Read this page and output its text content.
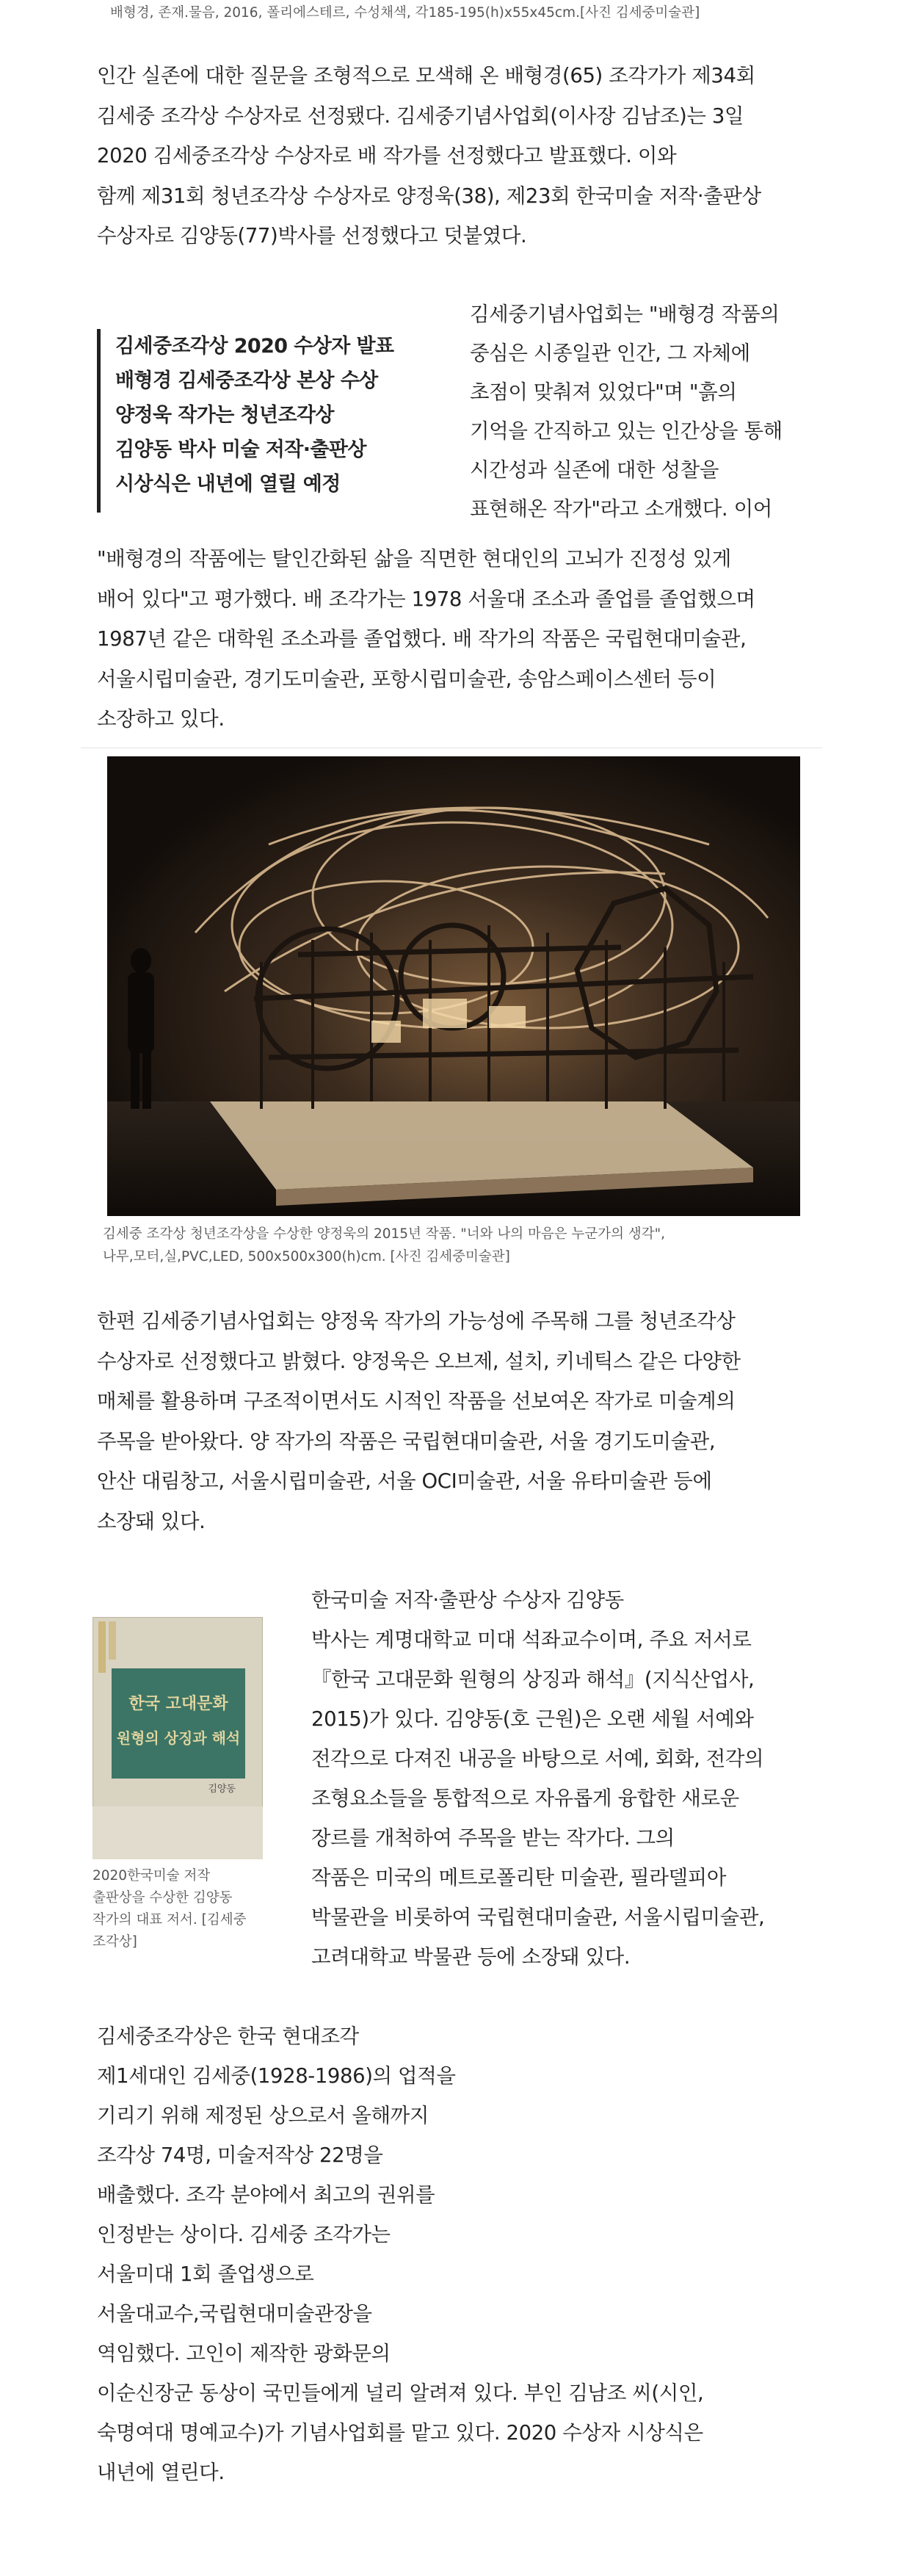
배형경, 존재.물음, 2016, 폴리에스테르, 수성채색, 각185-195(h)x55x45cm.[사진 김세중미술관]
인간 실존에 대한 질문을 조형적으로 모색해 온 배형경(65) 조각가가 제34회
김세중 조각상 수상자로 선정됐다. 김세중기념사업회(이사장 김남조)는 3일
2020 김세중조각상 수상자로 배 작가를 선정했다고 발표했다. 이와
함께 제31회 청년조각상 수상자로 양정욱(38), 제23회 한국미술 저작·출판상
수상자로 김양동(77)박사를 선정했다고 덧붙였다.
김세중조각상 2020 수상자 발표
배형경 김세중조각상 본상 수상
양정욱 작가는 청년조각상
김양동 박사 미술 저작·출판상
시상식은 내년에 열릴 예정
김세중기념사업회는 "배형경 작품의
중심은 시종일관 인간, 그 자체에
초점이 맞춰져 있었다"며 "흙의
기억을 간직하고 있는 인간상을 통해
시간성과 실존에 대한 성찰을
표현해온 작가"라고 소개했다. 이어
"배형경의 작품에는 탈인간화된 삶을 직면한 현대인의 고뇌가 진정성 있게
배어 있다"고 평가했다. 배 조각가는 1978 서울대 조소과 졸업를 졸업했으며
1987년 같은 대학원 조소과를 졸업했다. 배 작가의 작품은 국립현대미술관,
서울시립미술관, 경기도미술관, 포항시립미술관, 송암스페이스센터 등이
소장하고 있다.
김세중 조각상 청년조각상을 수상한 양정욱의 2015년 작품. "너와 나의 마음은 누군가의 생각",
나무,모터,실,PVC,LED, 500x500x300(h)cm. [사진 김세중미술관]
한편 김세중기념사업회는 양정욱 작가의 가능성에 주목해 그를 청년조각상
수상자로 선정했다고 밝혔다. 양정욱은 오브제, 설치, 키네틱스 같은 다양한
매체를 활용하며 구조적이면서도 시적인 작품을 선보여온 작가로 미술계의
주목을 받아왔다. 양 작가의 작품은 국립현대미술관, 서울 경기도미술관,
안산 대림창고, 서울시립미술관, 서울 OCI미술관, 서울 유타미술관 등에
소장돼 있다.
한국 고대문화
원형의 상징과 해석
김양동
2020한국미술 저작
출판상을 수상한 김양동
작가의 대표 저서. [김세중
조각상]
한국미술 저작·출판상 수상자 김양동
박사는 계명대학교 미대 석좌교수이며, 주요 저서로
『한국 고대문화 원형의 상징과 해석』(지식산업사,
2015)가 있다. 김양동(호 근원)은 오랜 세월 서예와
전각으로 다져진 내공을 바탕으로 서예, 회화, 전각의
조형요소들을 통합적으로 자유롭게 융합한 새로운
장르를 개척하여 주목을 받는 작가다. 그의
작품은 미국의 메트로폴리탄 미술관, 필라델피아
박물관을 비롯하여 국립현대미술관, 서울시립미술관,
고려대학교 박물관 등에 소장돼 있다.
김세중조각상은 한국 현대조각
제1세대인 김세중(1928-1986)의 업적을
기리기 위해 제정된 상으로서 올해까지
조각상 74명, 미술저작상 22명을
배출했다. 조각 분야에서 최고의 권위를
인정받는 상이다. 김세중 조각가는
서울미대 1회 졸업생으로
서울대교수,국립현대미술관장을
역임했다. 고인이 제작한 광화문의
이순신장군 동상이 국민들에게 널리 알려져 있다. 부인 김남조 씨(시인,
숙명여대 명예교수)가 기념사업회를 맡고 있다. 2020 수상자 시상식은
내년에 열린다.
